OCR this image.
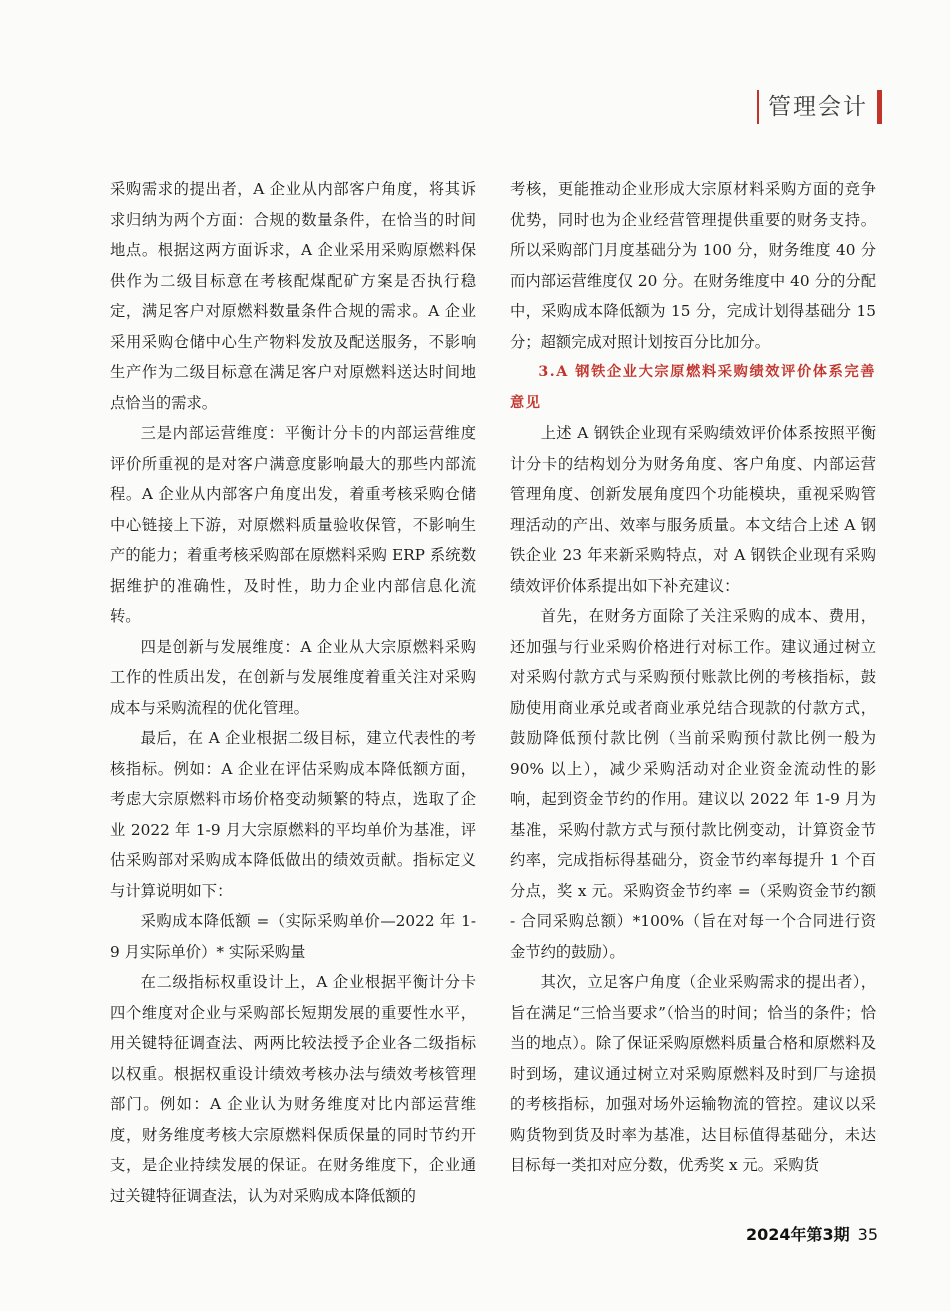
管理会计

采购需求的提出者，A 企业从内部客户角度，将其诉求归纳为两个方面：合规的数量条件，在恰当的时间地点。根据这两方面诉求，A 企业采用采购原燃料保供作为二级目标意在考核配煤配矿方案是否执行稳定，满足客户对原燃料数量条件合规的需求。A 企业采用采购仓储中心生产物料发放及配送服务，不影响生产作为二级目标意在满足客户对原燃料送达时间地点恰当的需求。

三是内部运营维度：平衡计分卡的内部运营维度评价所重视的是对客户满意度影响最大的那些内部流程。A 企业从内部客户角度出发，着重考核采购仓储中心链接上下游，对原燃料质量验收保管，不影响生产的能力；着重考核采购部在原燃料采购 ERP 系统数据维护的准确性，及时性，助力企业内部信息化流转。

四是创新与发展维度：A 企业从大宗原燃料采购工作的性质出发，在创新与发展维度着重关注对采购成本与采购流程的优化管理。

最后，在 A 企业根据二级目标，建立代表性的考核指标。例如：A 企业在评估采购成本降低额方面，考虑大宗原燃料市场价格变动频繁的特点，选取了企业 2022 年 1-9 月大宗原燃料的平均单价为基准，评估采购部对采购成本降低做出的绩效贡献。指标定义与计算说明如下：

采购成本降低额 =（实际采购单价—2022 年 1-9 月实际单价）* 实际采购量

在二级指标权重设计上，A 企业根据平衡计分卡四个维度对企业与采购部长短期发展的重要性水平，用关键特征调查法、两两比较法授予企业各二级指标以权重。根据权重设计绩效考核办法与绩效考核管理部门。例如：A 企业认为财务维度对比内部运营维度，财务维度考核大宗原燃料保质保量的同时节约开支，是企业持续发展的保证。在财务维度下，企业通过关键特征调查法，认为对采购成本降低额的

考核，更能推动企业形成大宗原材料采购方面的竞争优势，同时也为企业经营管理提供重要的财务支持。所以采购部门月度基础分为 100 分，财务维度 40 分而内部运营维度仅 20 分。在财务维度中 40 分的分配中，采购成本降低额为 15 分，完成计划得基础分 15 分；超额完成对照计划按百分比加分。

3.A 钢铁企业大宗原燃料采购绩效评价体系完善意见

上述 A 钢铁企业现有采购绩效评价体系按照平衡计分卡的结构划分为财务角度、客户角度、内部运营管理角度、创新发展角度四个功能模块，重视采购管理活动的产出、效率与服务质量。本文结合上述 A 钢铁企业 23 年来新采购特点，对 A 钢铁企业现有采购绩效评价体系提出如下补充建议：

首先，在财务方面除了关注采购的成本、费用，还加强与行业采购价格进行对标工作。建议通过树立对采购付款方式与采购预付账款比例的考核指标，鼓励使用商业承兑或者商业承兑结合现款的付款方式，鼓励降低预付款比例（当前采购预付款比例一般为 90% 以上），减少采购活动对企业资金流动性的影响，起到资金节约的作用。建议以 2022 年 1-9 月为基准，采购付款方式与预付款比例变动，计算资金节约率，完成指标得基础分，资金节约率每提升 1 个百分点，奖 x 元。采购资金节约率 =（采购资金节约额 - 合同采购总额）*100%（旨在对每一个合同进行资金节约的鼓励）。

其次，立足客户角度（企业采购需求的提出者），旨在满足“三恰当要求”（恰当的时间；恰当的条件；恰当的地点）。除了保证采购原燃料质量合格和原燃料及时到场，建议通过树立对采购原燃料及时到厂与途损的考核指标，加强对场外运输物流的管控。建议以采购货物到货及时率为基准，达目标值得基础分，未达目标每一类扣对应分数，优秀奖 x 元。采购货

2024年第3期 35
